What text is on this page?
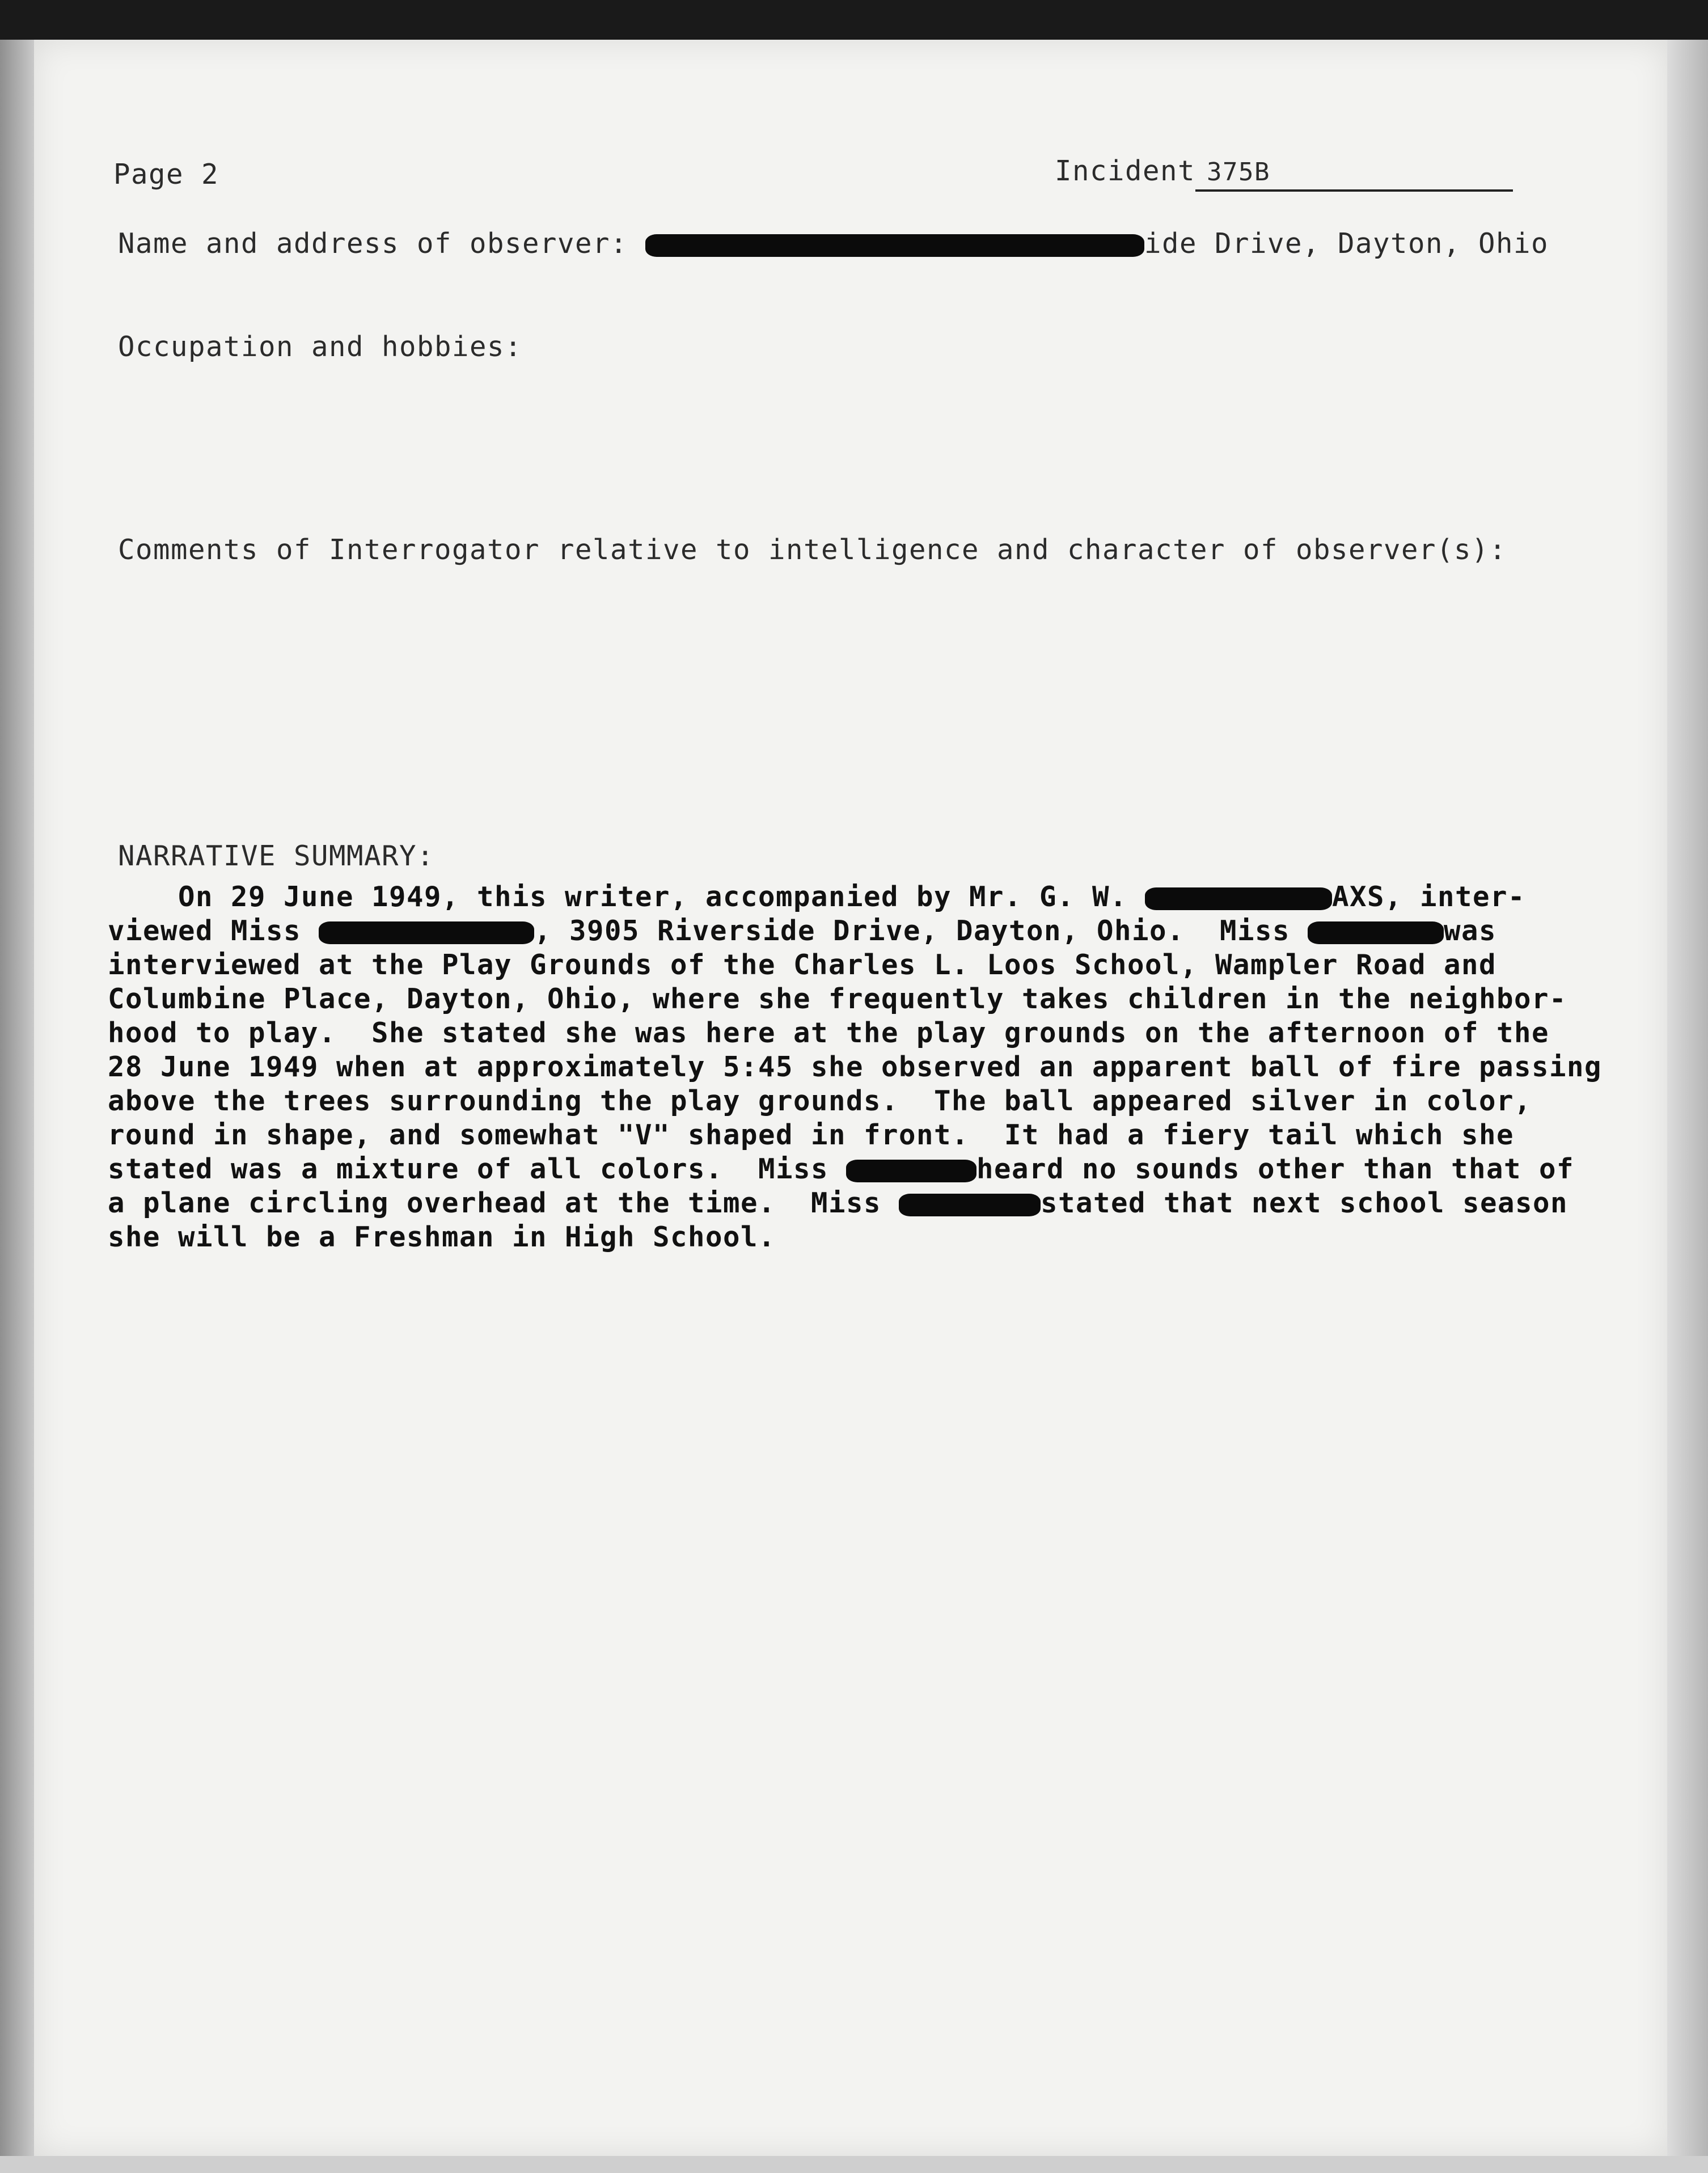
Page 2	Incident 375B
Name and address of observer:	ide Drive, Dayton, Ohio
Occupation and hobbies:
Comments of Interrogator relative to intelligence and character of observer(s):
NARRATIVE SUMMARY:
On 29 June 1949, this writer, accompanied by Mr. G. W.	AXS, inter-
viewed Miss	, 3905 Riverside Drive, Dayton, Ohio.  Miss	was
interviewed at the Play Grounds of the Charles L. Loos School, Wampler Road and
Columbine Place, Dayton, Ohio, where she frequently takes children in the neighbor-
hood to play.  She stated she was here at the play grounds on the afternoon of the
28 June 1949 when at approximately 5:45 she observed an apparent ball of fire passing
above the trees surrounding the play grounds.  The ball appeared silver in color,
round in shape, and somewhat "V" shaped in front.  It had a fiery tail which she
stated was a mixture of all colors.  Miss	heard no sounds other than that of
a plane circling overhead at the time.  Miss	stated that next school season
she will be a Freshman in High School.
